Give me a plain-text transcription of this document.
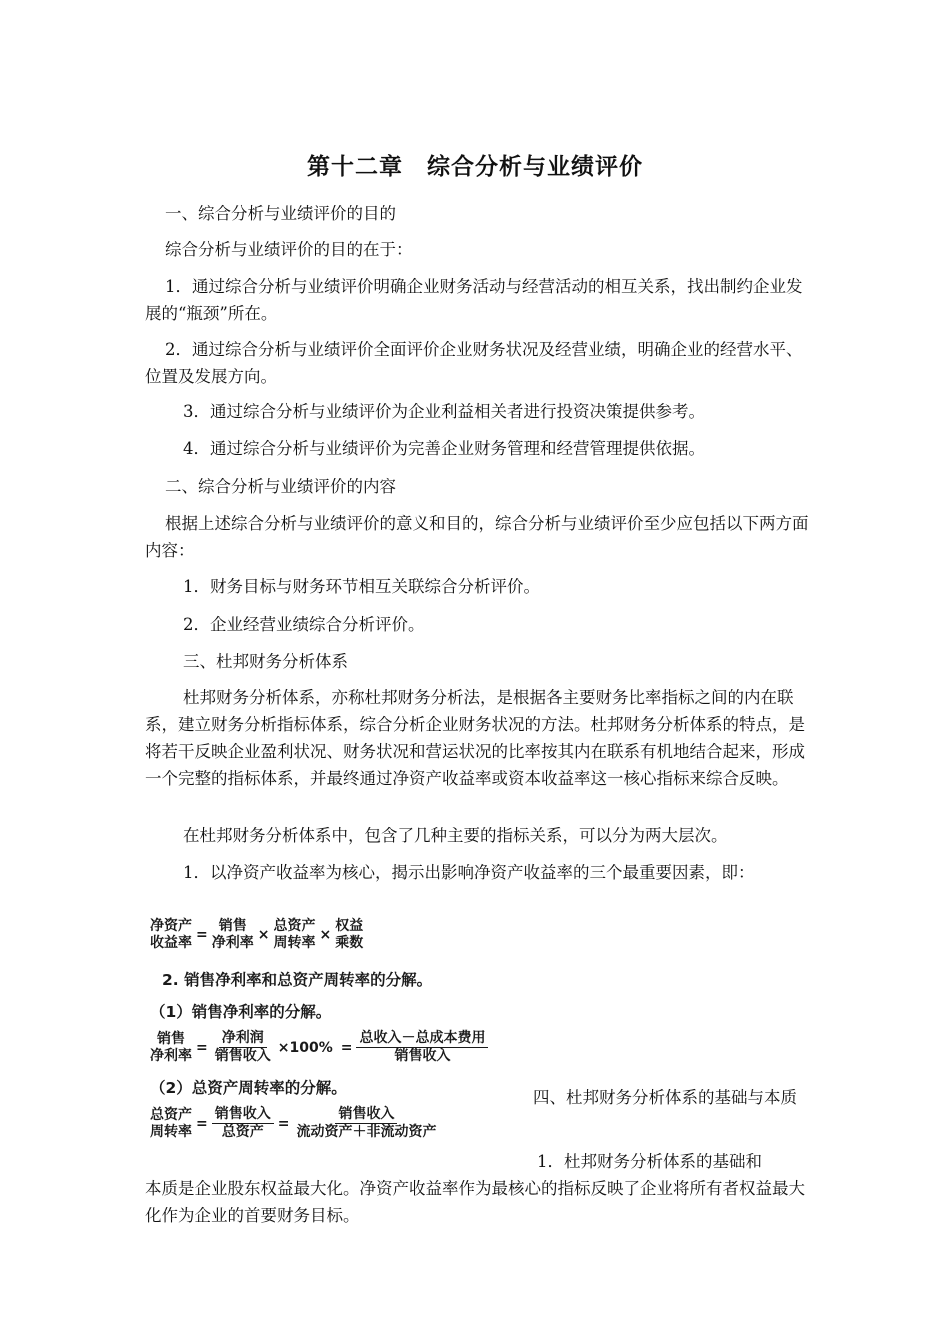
第十二章　综合分析与业绩评价
一、综合分析与业绩评价的目的
综合分析与业绩评价的目的在于：
1．通过综合分析与业绩评价明确企业财务活动与经营活动的相互关系，找出制约企业发展的“瓶颈”所在。
2．通过综合分析与业绩评价全面评价企业财务状况及经营业绩，明确企业的经营水平、位置及发展方向。
3．通过综合分析与业绩评价为企业利益相关者进行投资决策提供参考。
4．通过综合分析与业绩评价为完善企业财务管理和经营管理提供依据。
二、综合分析与业绩评价的内容
根据上述综合分析与业绩评价的意义和目的，综合分析与业绩评价至少应包括以下两方面内容：
1．财务目标与财务环节相互关联综合分析评价。
2．企业经营业绩综合分析评价。
三、杜邦财务分析体系
杜邦财务分析体系，亦称杜邦财务分析法，是根据各主要财务比率指标之间的内在联系，建立财务分析指标体系，综合分析企业财务状况的方法。杜邦财务分析体系的特点，是将若干反映企业盈利状况、财务状况和营运状况的比率按其内在联系有机地结合起来，形成一个完整的指标体系，并最终通过净资产收益率或资本收益率这一核心指标来综合反映。
在杜邦财务分析体系中，包含了几种主要的指标关系，可以分为两大层次。
1．以净资产收益率为核心，揭示出影响净资产收益率的三个最重要因素，即：
净资产
收益率 =
销售
净利率 ×
总资产
周转率 ×
权益
乘数
2. 销售净利率和总资产周转率的分解。
（1）销售净利率的分解。
销售
净利率 = $\frac{\text{净利润}}{\text{销售收入}} \times 100\% = \frac{\text{总收入－总成本费用}}{\text{销售收入}}$
（2）总资产周转率的分解。
总资产
周转率 = $\frac{\text{销售收入}}{\text{总资产}} = \frac{\text{销售收入}}{\text{流动资产＋非流动资产}}$
四、杜邦财务分析体系的基础与本质
1．杜邦财务分析体系的基础和
本质是企业股东权益最大化。净资产收益率作为最核心的指标反映了企业将所有者权益最大化作为企业的首要财务目标。
